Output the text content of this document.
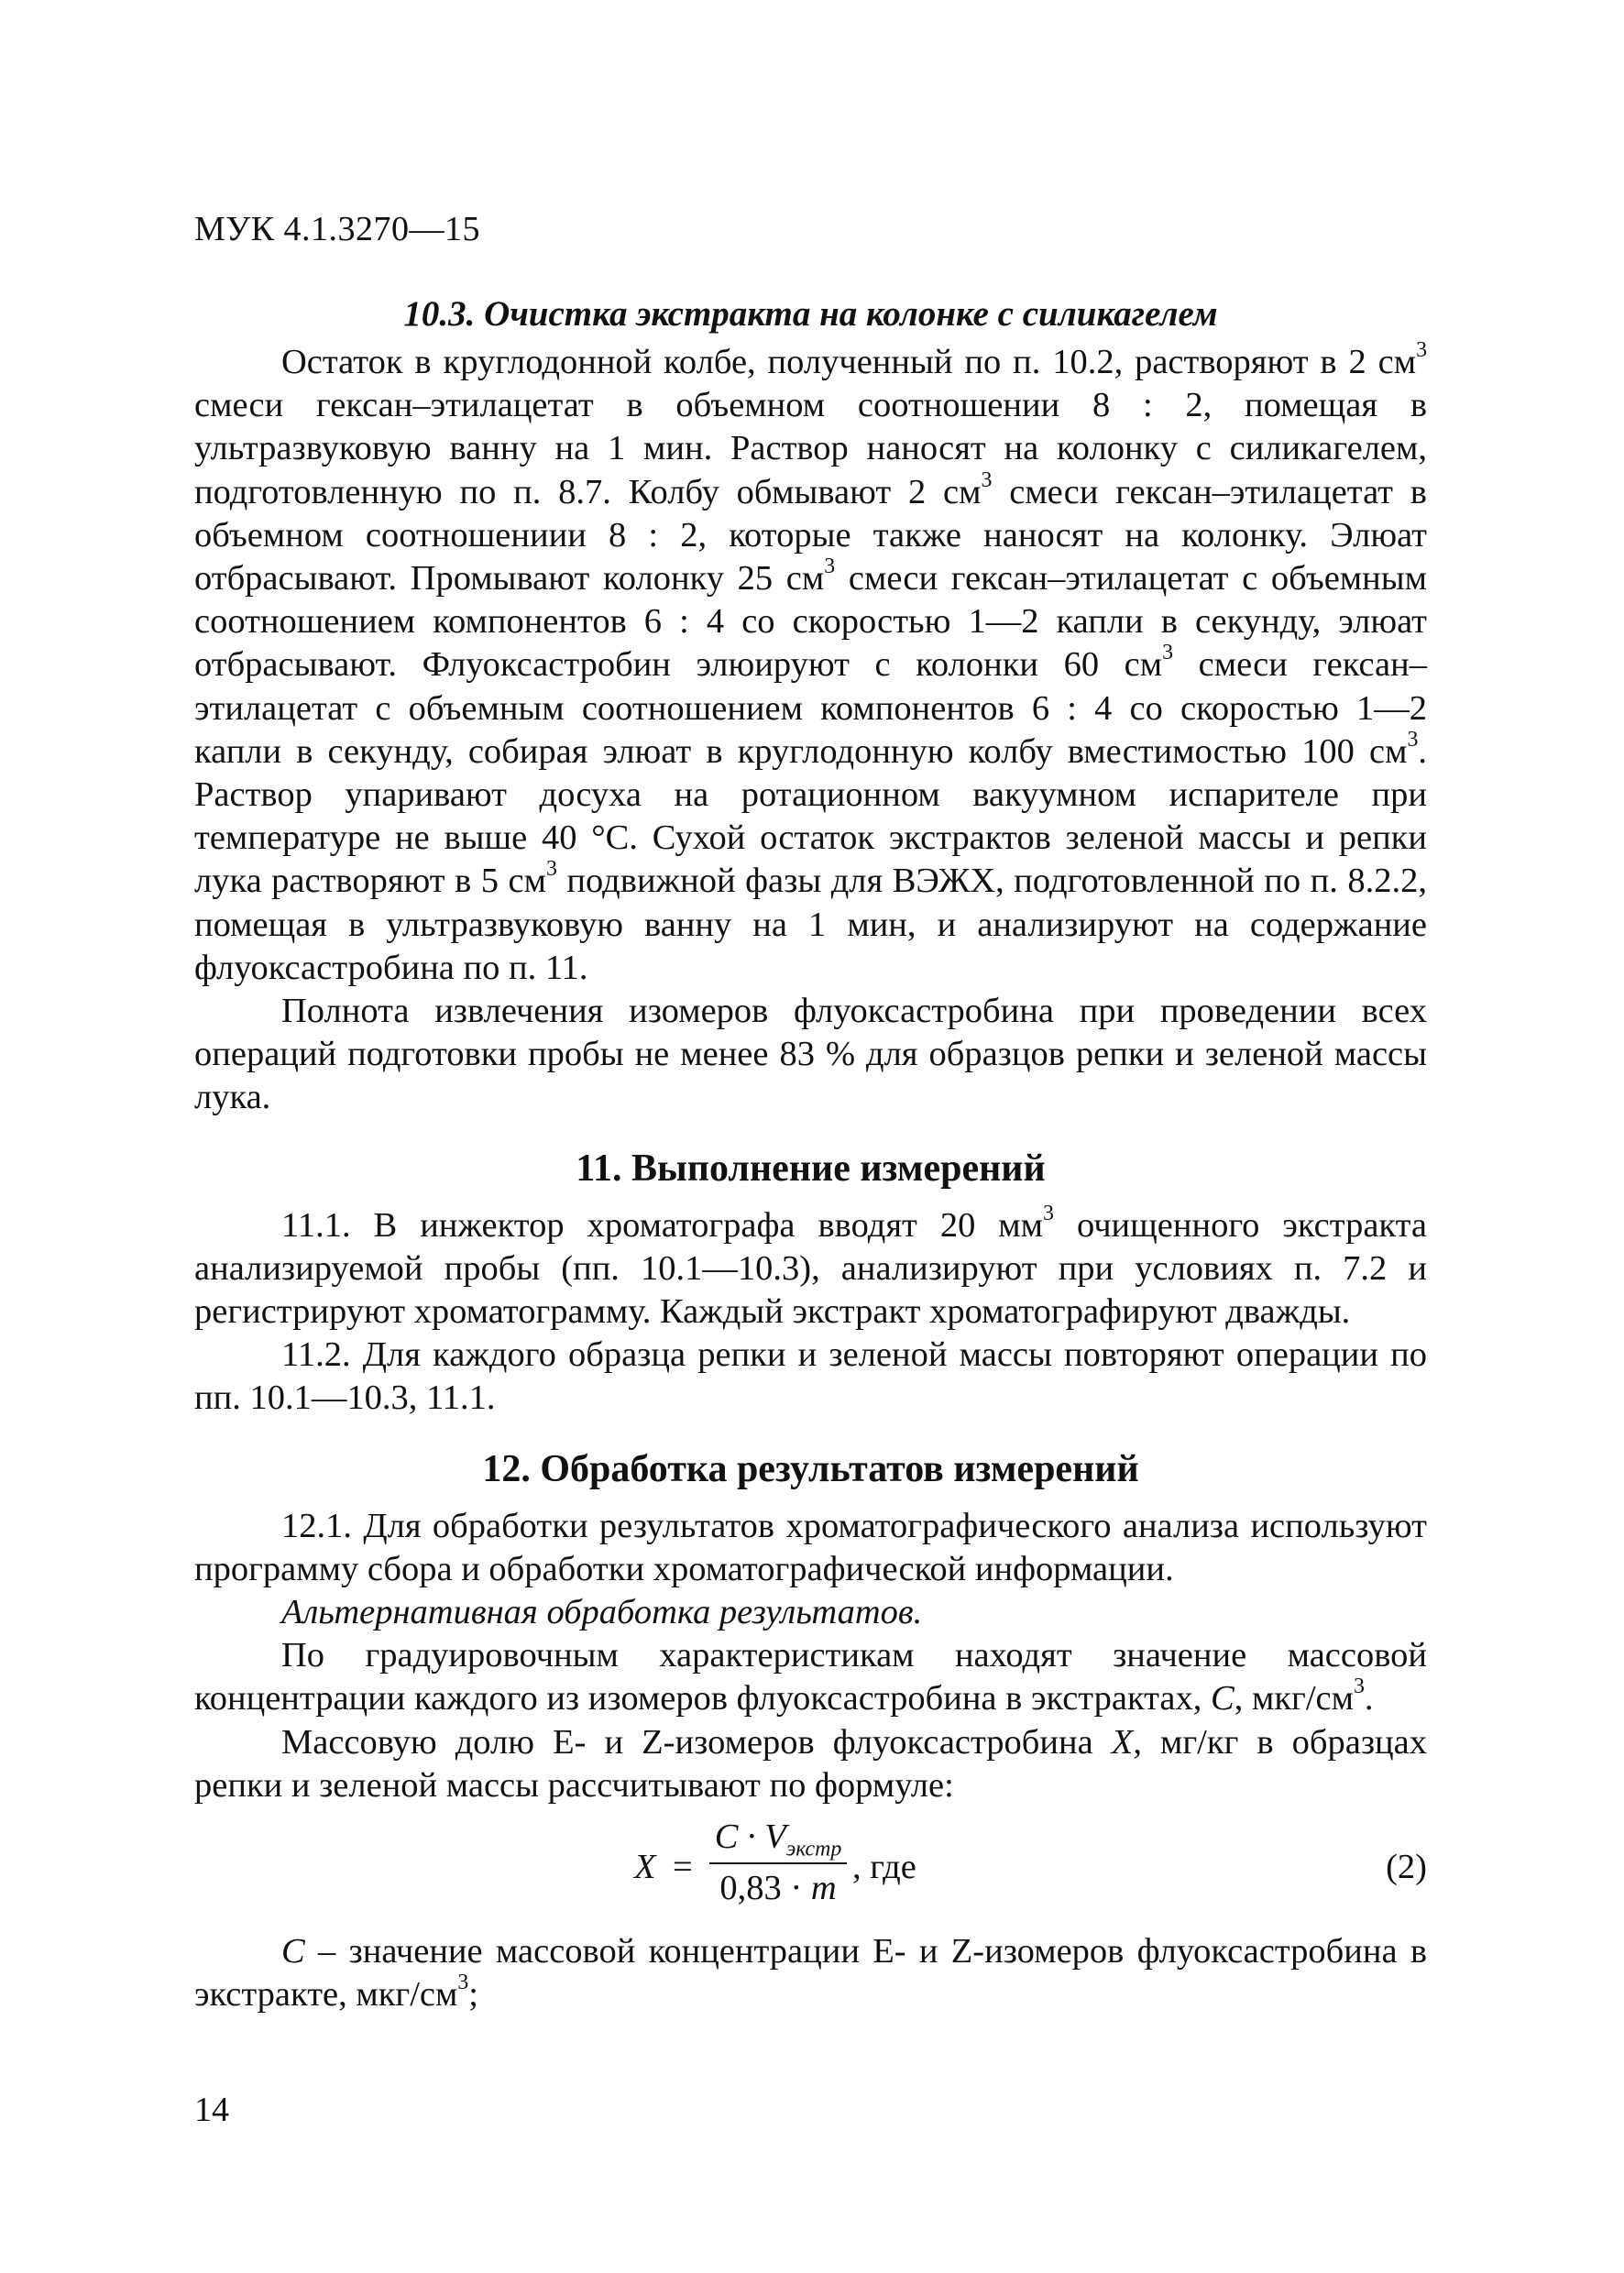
МУК 4.1.3270—15
10.3. Очистка экстракта на колонке с силикагелем

Остаток в круглодонной колбе, полученный по п. 10.2, растворяют в 2 $см^3$ смеси гексан–этилацетат в объемном соотношении 8 : 2, помещая в ультразвуковую ванну на 1 мин. Раствор наносят на колонку с силикагелем, подготовленную по п. 8.7. Колбу обмывают 2 $см^3$ смеси гексан–этилацетат в объемном соотношениии 8 : 2, которые также наносят на колонку. Элюат отбрасывают. Промывают колонку 25 $см^3$ смеси гексан–этилацетат с объемным соотношением компонентов 6 : 4 со скоростью 1—2 капли в секунду, элюат отбрасывают. Флуоксастробин элюируют с колонки 60 $см^3$ смеси гексан–этилацетат с объемным соотношением компонентов 6 : 4 со скоростью 1—2 капли в секунду, собирая элюат в круглодонную колбу вместимостью 100 $см^3$. Раствор упаривают досуха на ротационном вакуумном испарителе при температуре не выше 40 °С. Сухой остаток экстрактов зеленой массы и репки лука растворяют в 5 $см^3$ подвижной фазы для ВЭЖХ, подготовленной по п. 8.2.2, помещая в ультразвуковую ванну на 1 мин, и анализируют на содержание флуоксастробина по п. 11.

Полнота извлечения изомеров флуоксастробина при проведении всех операций подготовки пробы не менее 83 % для образцов репки и зеленой массы лука.

11. Выполнение измерений

11.1. В инжектор хроматографа вводят 20 $мм^3$ очищенного экстракта анализируемой пробы (пп. 10.1—10.3), анализируют при условиях п. 7.2 и регистрируют хроматограмму. Каждый экстракт хроматографируют дважды.

11.2. Для каждого образца репки и зеленой массы повторяют операции по пп. 10.1—10.3, 11.1.

12. Обработка результатов измерений

12.1. Для обработки результатов хроматографического анализа используют программу сбора и обработки хроматографической информации.

Альтернативная обработка результатов.

По градуировочным характеристикам находят значение массовой концентрации каждого из изомеров флуоксастробина в экстрактах, С, мкг/$см^3$.

Массовую долю Е- и Z-изомеров флуоксастробина X, мг/кг в образцах репки и зеленой массы рассчитывают по формуле:

X =
$C \cdot V_{экстр}$
0,83 · m
, где	(2)

С – значение массовой концентрации Е- и Z-изомеров флуоксастробина в экстракте, мкг/$см^3$;

14
